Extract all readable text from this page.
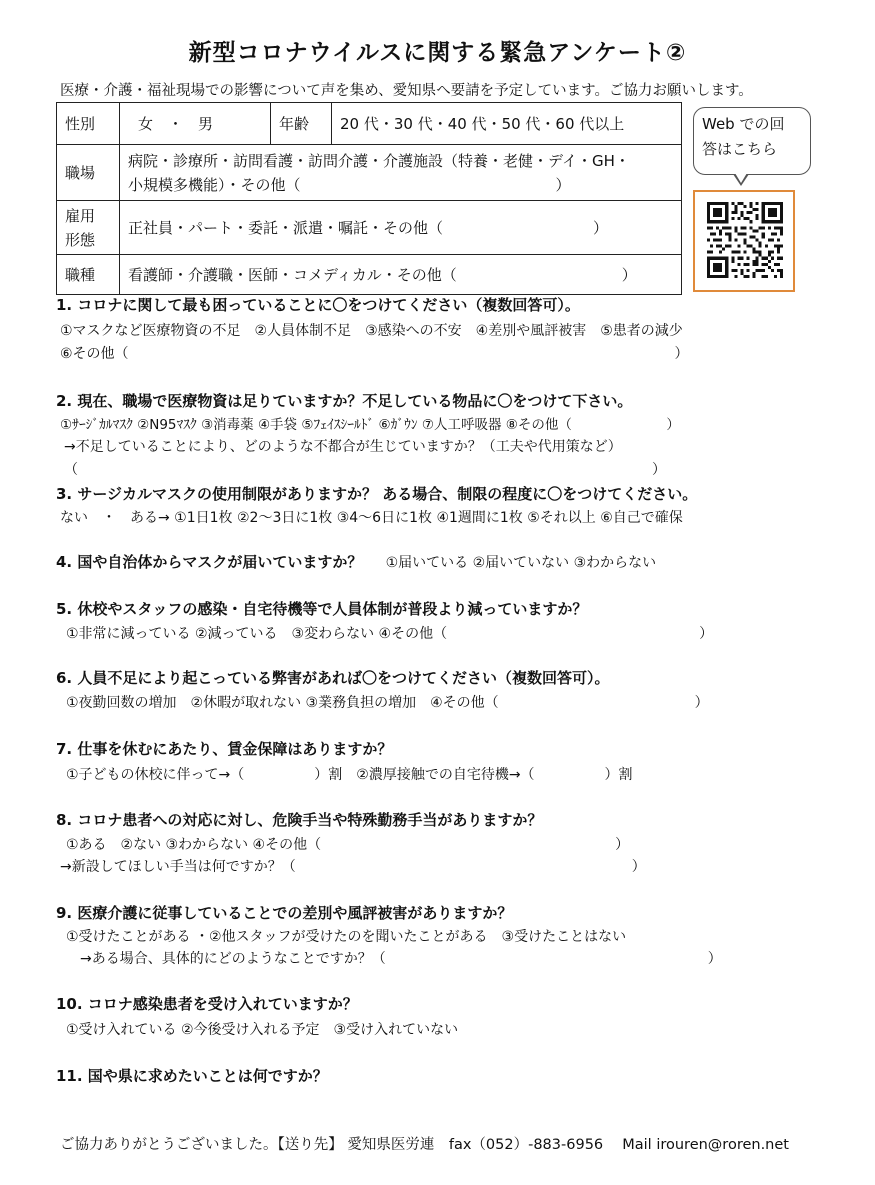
新型コロナウイルスに関する緊急アンケート②
医療・介護・福祉現場での影響について声を集め、愛知県へ要請を予定しています。ご協力お願いします。
性別	女　・　男	年齢	20 代・30 代・40 代・50 代・60 代以上
職場	病院・診療所・訪問看護・訪問介護・介護施設（特養・老健・デイ・GH・
小規模多機能）・その他（　　　　　　　　　　　　　　　　　）		

雇用
形態	正社員・パート・委託・派遣・嘱託・その他（　　　　　　　　　　）		
職種	看護師・介護職・医師・コメディカル・その他（　　　　　　　　　　　）		
Web での回
答はこちら
1. コロナに関して最も困っていることに〇をつけてください（複数回答可）。
①マスクなど医療物資の不足　②人員体制不足　③感染への不安　④差別や風評被害　⑤患者の減少
⑥その他（　　　　　　　　　　　　　　　　　　　　　　　　　　　　　　　　　　　　　　　）
2. 現在、職場で医療物資は足りていますか？不足している物品に〇をつけて下さい。
①ｻｰｼﾞｶﾙﾏｽｸ ②N95ﾏｽｸ ③消毒薬 ④手袋 ⑤ﾌｪｲｽｼｰﾙﾄﾞ ⑥ｶﾞｳﾝ ⑦人工呼吸器 ⑧その他（　　　　　　　）
→不足していることにより、どのような不都合が生じていますか？（工夫や代用策など）
（　　　　　　　　　　　　　　　　　　　　　　　　　　　　　　　　　　　　　　　　　）
3. サージカルマスクの使用制限がありますか？ ある場合、制限の程度に〇をつけてください。
ない　・　ある→ ①1日1枚 ②2～3日に1枚 ③4～6日に1枚 ④1週間に1枚 ⑤それ以上 ⑥自己で確保
4. 国や自治体からマスクが届いていますか？ ①届いている ②届いていない ③わからない
5. 休校やスタッフの感染・自宅待機等で人員体制が普段より減っていますか？
①非常に減っている ②減っている　③変わらない ④その他（　　　　　　　　　　　　　　　　　　）
6. 人員不足により起こっている弊害があれば〇をつけてください（複数回答可）。
①夜勤回数の増加　②休暇が取れない ③業務負担の増加　④その他（　　　　　　　　　　　　　　）
7. 仕事を休むにあたり、賃金保障はありますか？
①子どもの休校に伴って→（　　　　　）割　②濃厚接触での自宅待機→（　　　　　）割
8. コロナ患者への対応に対し、危険手当や特殊勤務手当がありますか？
①ある　②ない ③わからない ④その他（　　　　　　　　　　　　　　　　　　　　　）
→新設してほしい手当は何ですか？（　　　　　　　　　　　　　　　　　　　　　　　　）
9. 医療介護に従事していることでの差別や風評被害がありますか？
①受けたことがある ・②他スタッフが受けたのを聞いたことがある　③受けたことはない
→ある場合、具体的にどのようなことですか？（　　　　　　　　　　　　　　　　　　　　　　　）
10. コロナ感染患者を受け入れていますか？
①受け入れている ②今後受け入れる予定　③受け入れていない
11. 国や県に求めたいことは何ですか？
ご協力ありがとうございました。【送り先】 愛知県医労連　fax（052）-883-6956　 Mail irouren@roren.net
